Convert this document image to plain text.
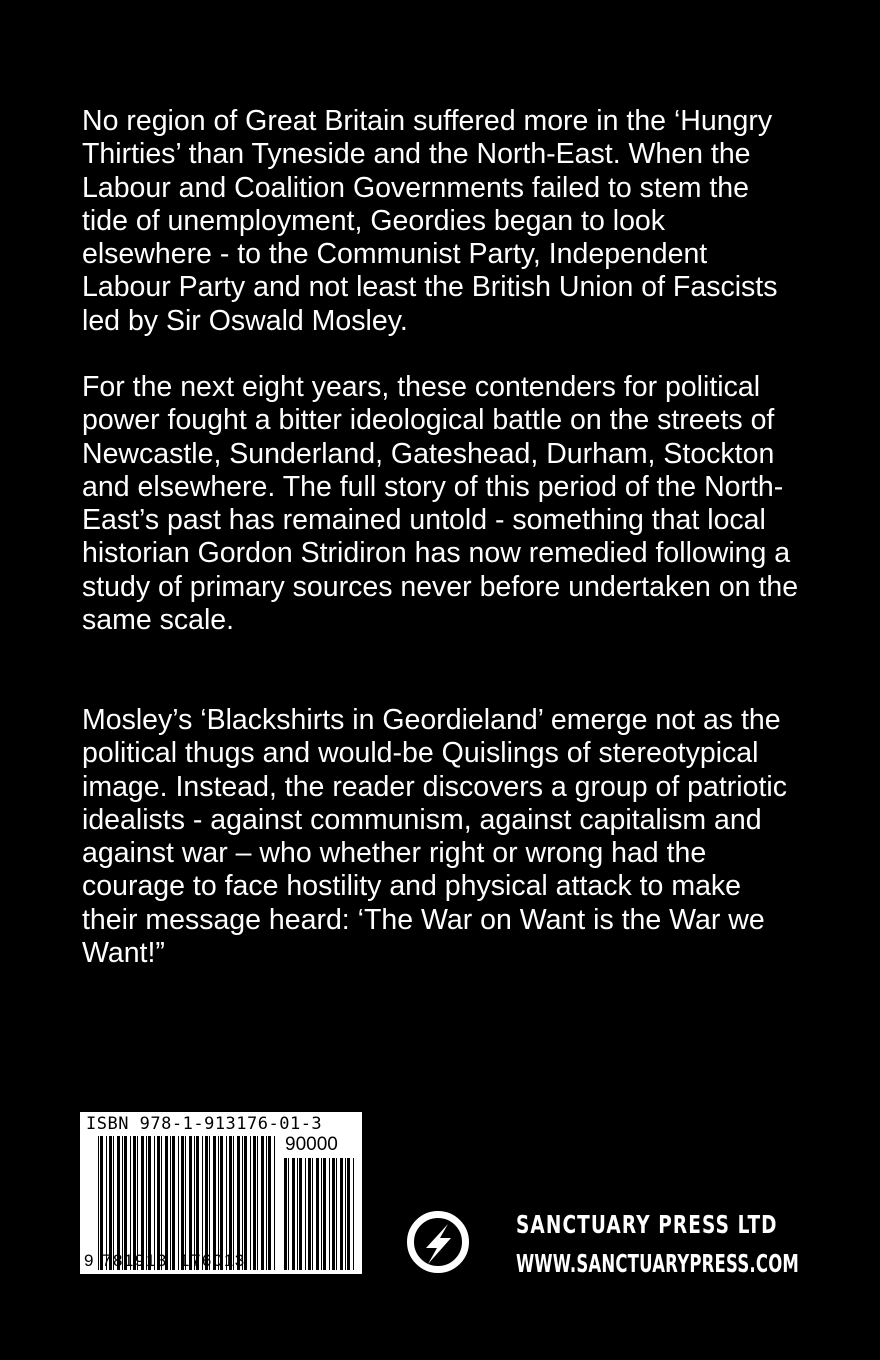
No region of Great Britain suffered more in the ‘Hungry Thirties’ than Tyneside and the North-East. When the Labour and Coalition Governments failed to stem the tide of unemployment, Geordies began to look elsewhere - to the Communist Party, Independent Labour Party and not least the British Union of Fascists led by Sir Oswald Mosley.

For the next eight years, these contenders for political power fought a bitter ideological battle on the streets of Newcastle, Sunderland, Gateshead, Durham, Stockton and elsewhere. The full story of this period of the North-East’s past has remained untold - something that local historian Gordon Stridiron has now remedied following a study of primary sources never before undertaken on the same scale.

Mosley’s ‘Blackshirts in Geordieland’ emerge not as the political thugs and would-be Quislings of stereotypical image. Instead, the reader discovers a group of patriotic idealists - against communism, against capitalism and against war – who whether right or wrong had the courage to face hostility and physical attack to make their message heard: ‘The War on Want is the War we Want!”

ISBN 978-1-913176-01-3
90000
9 781913 176013

SANCTUARY PRESS LTD

WWW.SANCTUARYPRESS.COM
